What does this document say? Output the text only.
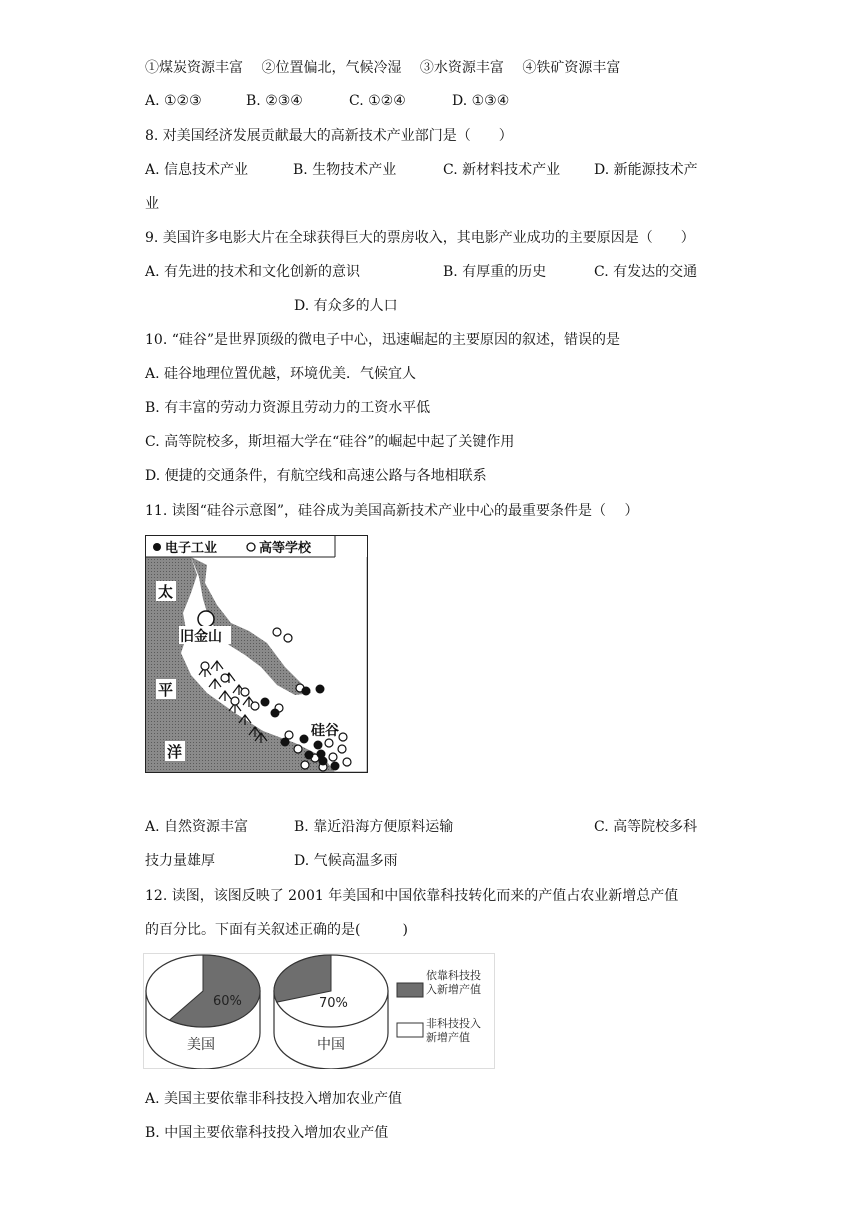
①煤炭资源丰富　 ②位置偏北，气候冷湿　 ③水资源丰富　 ④铁矿资源丰富
A. ①②③	B. ②③④	C. ①②④	D. ①③④
8. 对美国经济发展贡献最大的高新技术产业部门是（　　）
A. 信息技术产业	B. 生物技术产业	C. 新材料技术产业 D. 新能源技术产
业
9. 美国许多电影大片在全球获得巨大的票房收入，其电影产业成功的主要原因是（　　）
A. 有先进的技术和文化创新的意识	B. 有厚重的历史	C. 有发达的交通
D. 有众多的人口
10. “硅谷”是世界顶级的微电子中心，迅速崛起的主要原因的叙述，错误的是
A. 硅谷地理位置优越，环境优美．气候宜人
B. 有丰富的劳动力资源且劳动力的工资水平低
C. 高等院校多，斯坦福大学在“硅谷”的崛起中起了关键作用
D. 便捷的交通条件，有航空线和高速公路与各地相联系
11. 读图“硅谷示意图”，硅谷成为美国高新技术产业中心的最重要条件是（　 ）
电子工业	高等学校
太
平
洋
旧金山
硅谷
A. 自然资源丰富	B. 靠近沿海方便原料运输	C. 高等院校多科
技力量雄厚	D. 气候高温多雨
12. 读图，该图反映了 2001 年美国和中国依靠科技转化而来的产值占农业新增总产值
的百分比。下面有关叙述正确的是(　　　)
60%	70%
美国	中国
依靠科技投
入新增产值
非科技投入
新增产值
A. 美国主要依靠非科技投入增加农业产值
B. 中国主要依靠科技投入增加农业产值
